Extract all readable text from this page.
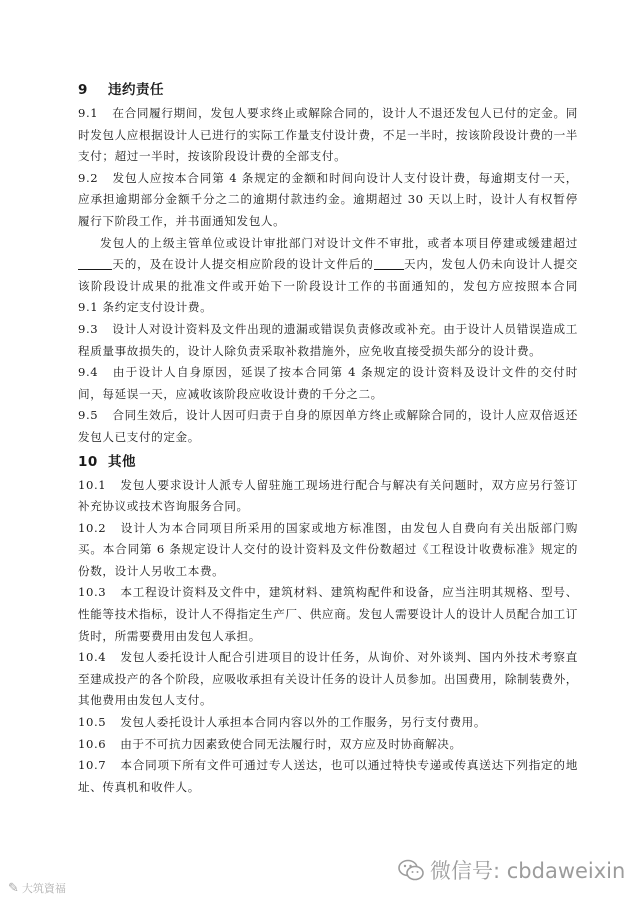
9 违约责任

9.1 在合同履行期间，发包人要求终止或解除合同的，设计人不退还发包人已付的定金。同时发包人应根据设计人已进行的实际工作量支付设计费，不足一半时，按该阶段设计费的一半支付；超过一半时，按该阶段设计费的全部支付。

9.2 发包人应按本合同第 4 条规定的金额和时间向设计人支付设计费，每逾期支付一天，应承担逾期部分金额千分之二的逾期付款违约金。逾期超过 30 天以上时，设计人有权暂停履行下阶段工作，并书面通知发包人。

发包人的上级主管单位或设计审批部门对设计文件不审批，或者本项目停建或缓建超过天的，及在设计人提交相应阶段的设计文件后的	天内，发包人仍未向设计人提交该阶段设计成果的批准文件或开始下一阶段设计工作的书面通知的，发包方应按照本合同 9.1 条约定支付设计费。

9.3 设计人对设计资料及文件出现的遗漏或错误负责修改或补充。由于设计人员错误造成工程质量事故损失的，设计人除负责采取补救措施外，应免收直接受损失部分的设计费。

9.4 由于设计人自身原因，延误了按本合同第 4 条规定的设计资料及设计文件的交付时间，每延误一天，应减收该阶段应收设计费的千分之二。

9.5 合同生效后，设计人因可归责于自身的原因单方终止或解除合同的，设计人应双倍返还发包人已支付的定金。

10 其他

10.1 发包人要求设计人派专人留驻施工现场进行配合与解决有关问题时，双方应另行签订补充协议或技术咨询服务合同。

10.2 设计人为本合同项目所采用的国家或地方标准图，由发包人自费向有关出版部门购买。本合同第 6 条规定设计人交付的设计资料及文件份数超过《工程设计收费标准》规定的份数，设计人另收工本费。

10.3 本工程设计资料及文件中，建筑材料、建筑构配件和设备，应当注明其规格、型号、性能等技术指标，设计人不得指定生产厂、供应商。发包人需要设计人的设计人员配合加工订货时，所需要费用由发包人承担。

10.4 发包人委托设计人配合引进项目的设计任务，从询价、对外谈判、国内外技术考察直至建成投产的各个阶段，应吸收承担有关设计任务的设计人员参加。出国费用，除制装费外，其他费用由发包人支付。

10.5 发包人委托设计人承担本合同内容以外的工作服务，另行支付费用。

10.6 由于不可抗力因素致使合同无法履行时，双方应及时协商解决。

10.7 本合同项下所有文件可通过专人送达，也可以通过特快专递或传真送达下列指定的地址、传真机和收件人。

✎ 大筑資福
微信号: cbdaweixin
